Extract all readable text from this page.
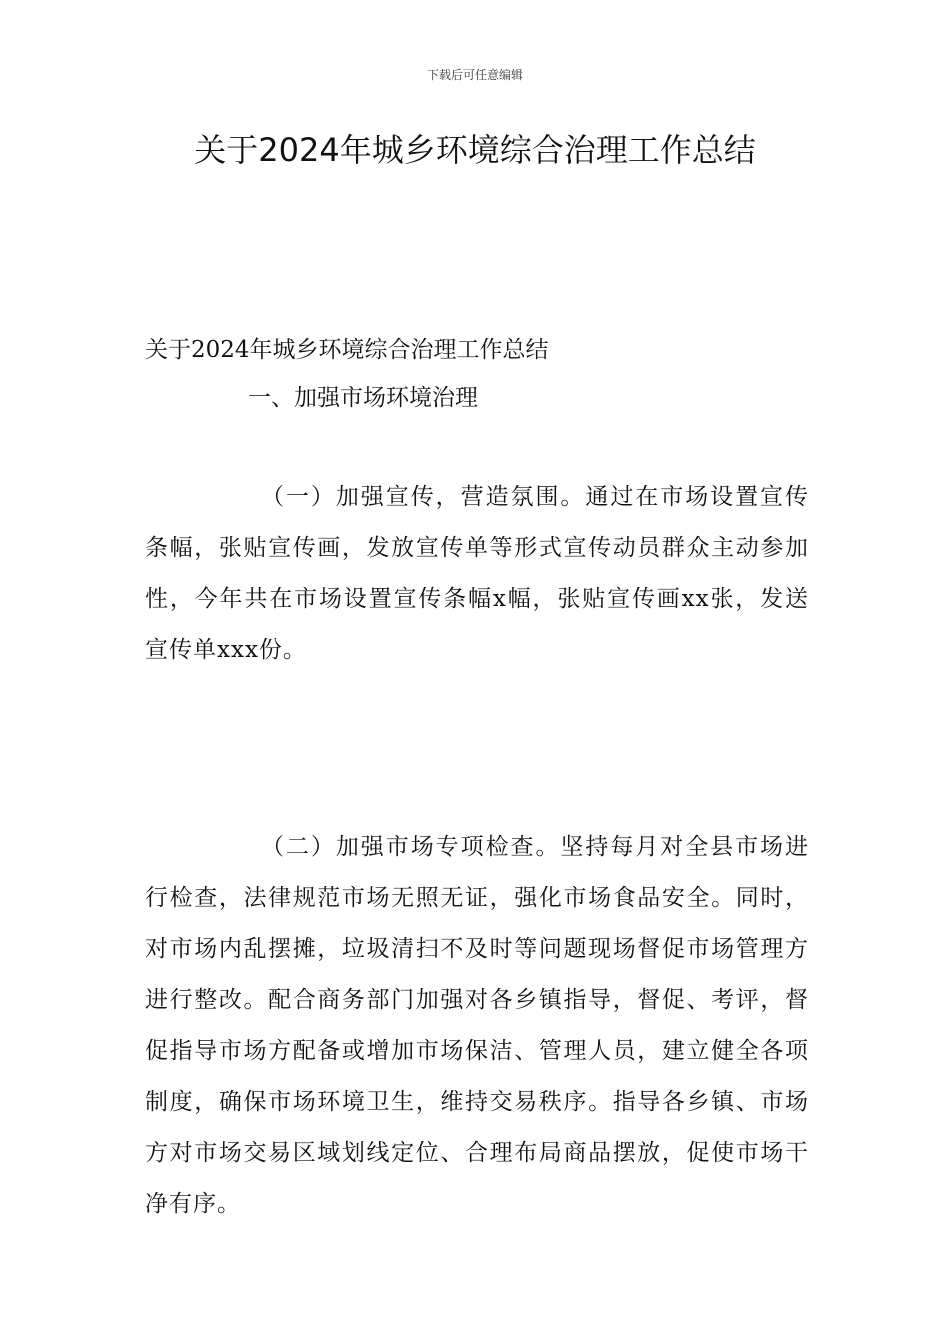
下载后可任意编辑
关于2024年城乡环境综合治理工作总结

关于2024年城乡环境综合治理工作总结

一、加强市场环境治理

（一）加强宣传，营造氛围。通过在市场设置宣传条幅，张贴宣传画，发放宣传单等形式宣传动员群众主动参加性，今年共在市场设置宣传条幅x幅，张贴宣传画xx张，发送宣传单xxx份。

（二）加强市场专项检查。坚持每月对全县市场进行检查，法律规范市场无照无证，强化市场食品安全。同时，对市场内乱摆摊，垃圾清扫不及时等问题现场督促市场管理方进行整改。配合商务部门加强对各乡镇指导，督促、考评，督促指导市场方配备或增加市场保洁、管理人员，建立健全各项制度，确保市场环境卫生，维持交易秩序。指导各乡镇、市场方对市场交易区域划线定位、合理布局商品摆放，促使市场干净有序。
